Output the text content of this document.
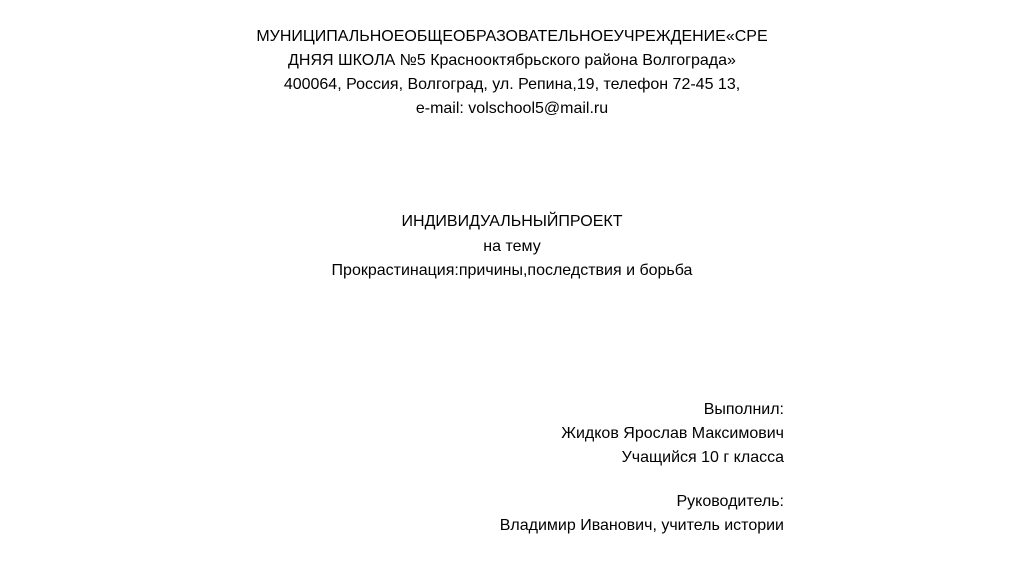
МУНИЦИПАЛЬНОЕОБЩЕОБРАЗОВАТЕЛЬНОЕУЧРЕЖДЕНИЕ«СРЕ
ДНЯЯ ШКОЛА №5 Краснооктябрьского района Волгограда»
400064, Россия, Волгоград, ул. Репина,19, телефон 72-45 13,
e-mail: volschool5@mail.ru
ИНДИВИДУАЛЬНЫЙПРОЕКТ
на тему
Прокрастинация:причины,последствия и борьба
Выполнил:
Жидков Ярослав Максимович
Учащийся 10 г класса
Руководитель:
Владимир Иванович, учитель истории
